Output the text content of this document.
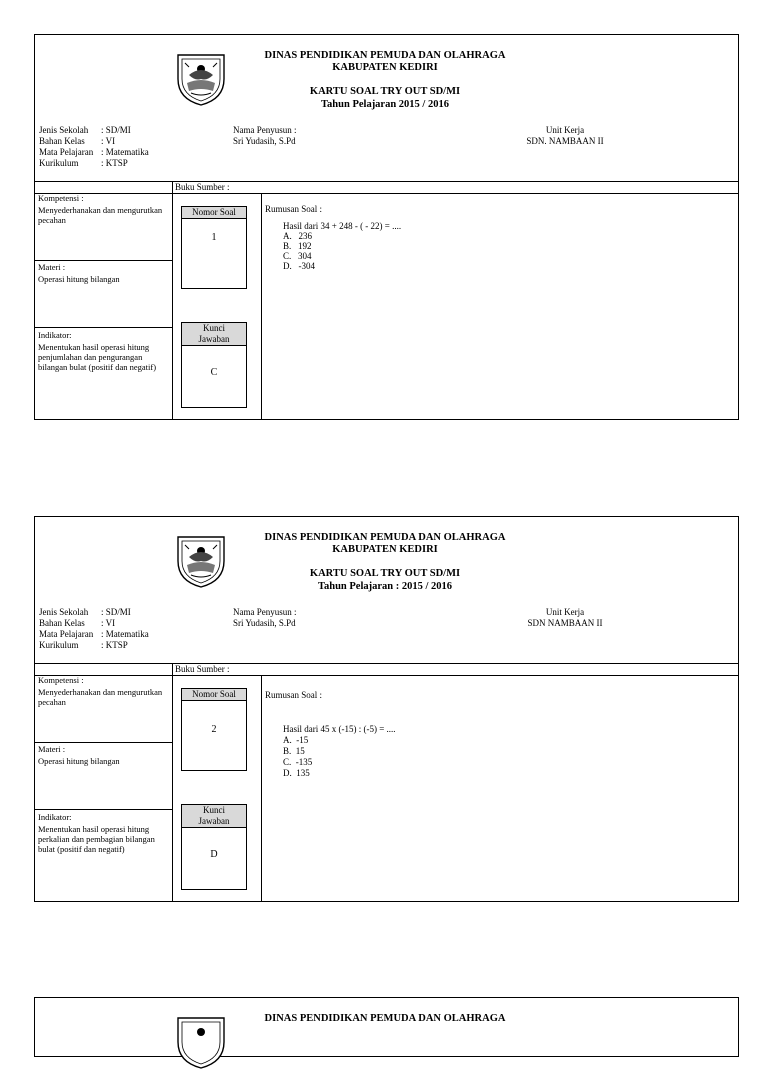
DINAS PENDIDIKAN PEMUDA DAN OLAHRAGA
KABUPATEN KEDIRI
KARTU SOAL TRY OUT SD/MI
Tahun Pelajaran 2015 / 2016
Jenis Sekolah
Bahan Kelas
Mata Pelajaran
Kurikulum
: SD/MI
: VI
: Matematika
: KTSP
Nama Penyusun :
Sri Yudasih, S.Pd
Unit Kerja
SDN. NAMBAAN II
Buku Sumber :
Kompetensi :
Menyederhanakan dan mengurutkan pecahan
Materi :
Operasi hitung bilangan
Indikator:
Menentukan hasil operasi hitung penjumlahan dan pengurangan bilangan bulat (positif dan negatif)
Nomor Soal
1
Kunci Jawaban
C
Rumusan Soal :
Hasil dari 34 + 248 - ( - 22) = ....
A.   236
B.   192
C.   304
D.   -304
DINAS PENDIDIKAN PEMUDA DAN OLAHRAGA
KABUPATEN KEDIRI
KARTU SOAL TRY OUT SD/MI
Tahun Pelajaran : 2015 / 2016
Jenis Sekolah
Bahan Kelas
Mata Pelajaran
Kurikulum
: SD/MI
: VI
: Matematika
: KTSP
Nama Penyusun :
Sri Yudasih, S.Pd
Unit Kerja
SDN NAMBAAN II
Buku Sumber :
Kompetensi :
Menyederhanakan dan mengurutkan pecahan
Materi :
Operasi hitung bilangan
Indikator:
Menentukan hasil operasi hitung perkalian dan pembagian bilangan bulat (positif dan negatif)
Nomor Soal
2
Kunci Jawaban
D
Rumusan Soal :
Hasil dari 45 x (-15) : (-5) = ....
A.  -15
B.  15
C.  -135
D.  135
DINAS PENDIDIKAN PEMUDA DAN OLAHRAGA
